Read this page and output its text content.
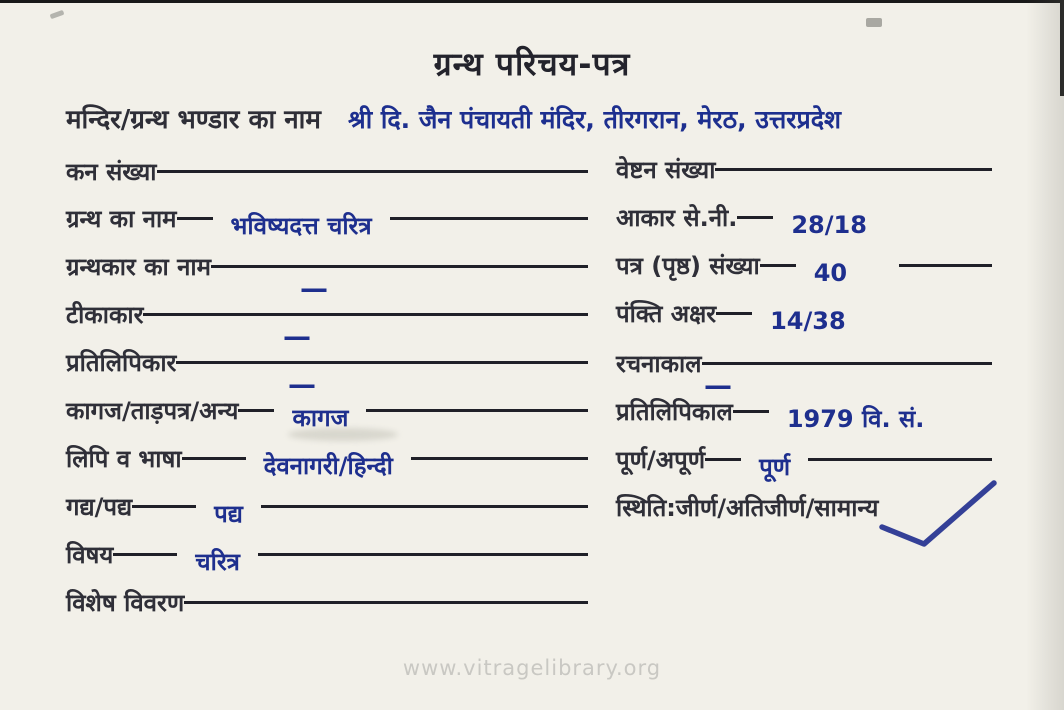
ग्रन्थ परिचय-पत्र
मन्दिर/ग्रन्थ भण्डार का नाम श्री दि. जैन पंचायती मंदिर, तीरगरान, मेरठ, उत्तरप्रदेश
कन संख्या
ग्रन्थ का नाम	भविष्यदत्त चरित्र
ग्रन्थकार का नाम
—
टीकाकार
—
प्रतिलिपिकार
—
कागज/ताड़पत्र/अन्य	कागज
लिपि व भाषा	देवनागरी/हिन्दी
गद्य/पद्य	पद्य
विषय	चरित्र
विशेष विवरण
वेष्टन संख्या
आकार से.नी.	28/18
पत्र (पृष्ठ) संख्या	40
पंक्ति अक्षर	14/38
रचनाकाल
—
प्रतिलिपिकाल	1979 वि. सं.
पूर्ण/अपूर्ण	पूर्ण
स्थिति:जीर्ण/अतिजीर्ण/सामान्य
www.vitragelibrary.org
